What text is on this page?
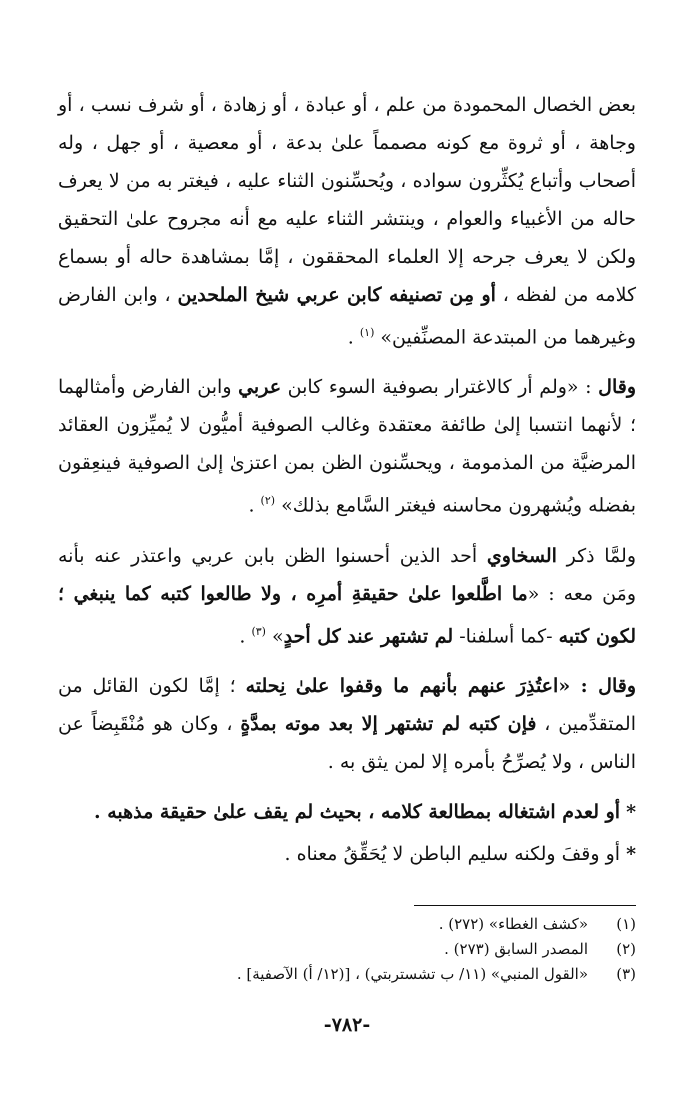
بعض الخصال المحمودة من علم ، أو عبادة ، أو زهادة ، أو شرف نسب ، أو وجاهة ، أو ثروة مع كونه مصمماً علىٰ بدعة ، أو معصية ، أو جهل ، وله أصحاب وأتباع يُكثِّرون سواده ، ويُحسِّنون الثناء عليه ، فيغتر به من لا يعرف حاله من الأغبياء والعوام ، وينتشر الثناء عليه مع أنه مجروح علىٰ التحقيق ولكن لا يعرف جرحه إلا العلماء المحققون ، إمَّا بمشاهدة حاله أو بسماع كلامه من لفظه ، أو مِن تصنيفه كابن عربي شيخ الملحدين ، وابن الفارض وغيرهما من المبتدعة المصنِّفين» $^{(١)}$ .

وقال : «ولم أر كالاغترار بصوفية السوء كابن عربي وابن الفارض وأمثالهما ؛ لأنهما انتسبا إلىٰ طائفة معتقدة وغالب الصوفية أميُّون لا يُميِّزون العقائد المرضيَّة من المذمومة ، ويحسِّنون الظن بمن اعتزىٰ إلىٰ الصوفية فينعِقون بفضله ويُشهرون محاسنه فيغتر السَّامع بذلك» $^{(٢)}$ .

ولمَّا ذكر السخاوي أحد الذين أحسنوا الظن بابن عربي واعتذر عنه بأنه ومَن معه : «ما اطَّلعوا علىٰ حقيقةِ أمرِه ، ولا طالعوا كتبه كما ينبغي ؛ لكون كتبه -كما أسلفنا- لم تشتهر عند كل أحدٍ» $^{(٣)}$ .

وقال : «اعتُذِرَ عنهم بأنهم ما وقفوا علىٰ نِحلته ؛ إمَّا لكون القائل من المتقدِّمين ، فإن كتبه لم تشتهر إلا بعد موته بمدَّةٍ ، وكان هو مُنْقَبِضاً عن الناس ، ولا يُصرِّحُ بأمره إلا لمن يثق به .

*أو لعدم اشتغاله بمطالعة كلامه ، بحيث لم يقف علىٰ حقيقة مذهبه .

*أو وقفَ ولكنه سليم الباطن لا يُحَقِّقُ معناه .

(١)
«كشف الغطاء» (٢٧٢) .
(٢)
المصدر السابق (٢٧٣) .
(٣)
«القول المنبي» (١١/ ب تشستربتي) ، [(١٢/ أ) الآصفية] .
-٧٨٢-
